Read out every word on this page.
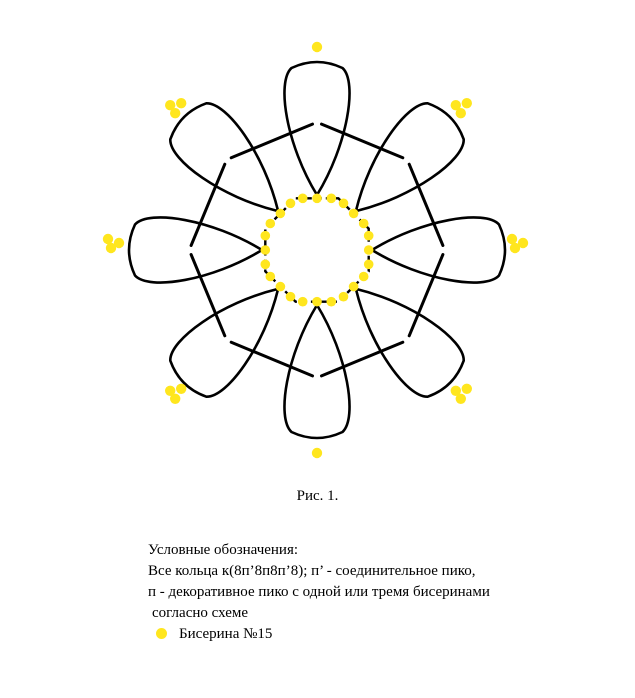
Рис. 1.
Условные обозначения:
Все кольца к(8п’8п8п’8); п’ - соединительное пико,
п - декоративное пико с одной или тремя бисеринами
согласно схеме
Бисерина №15
